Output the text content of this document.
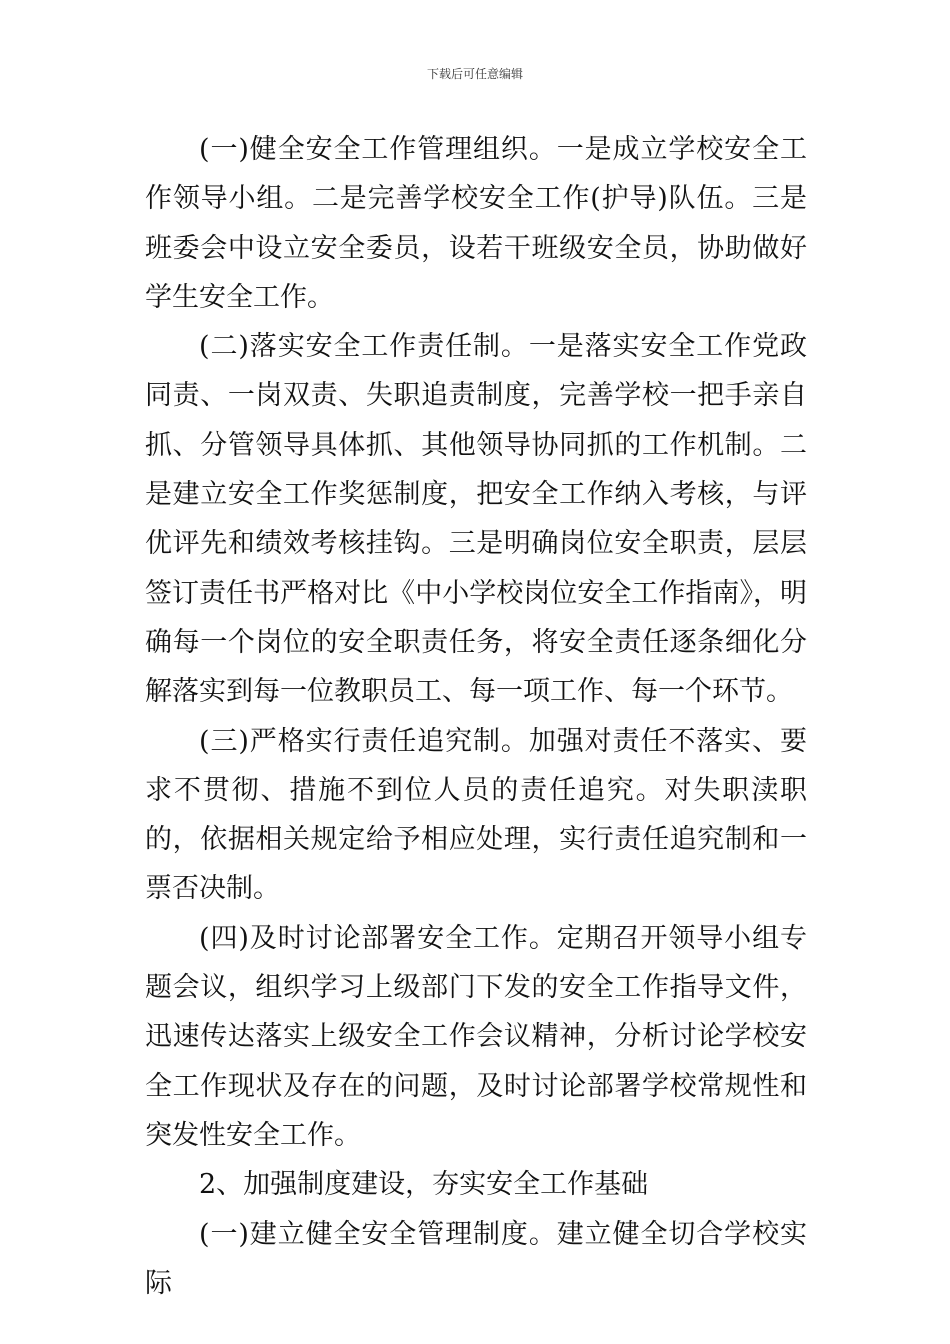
下载后可任意编辑

(一)健全安全工作管理组织。一是成立学校安全工作领导小组。二是完善学校安全工作(护导)队伍。三是班委会中设立安全委员，设若干班级安全员，协助做好学生安全工作。

(二)落实安全工作责任制。一是落实安全工作党政同责、一岗双责、失职追责制度，完善学校一把手亲自抓、分管领导具体抓、其他领导协同抓的工作机制。二是建立安全工作奖惩制度，把安全工作纳入考核，与评优评先和绩效考核挂钩。三是明确岗位安全职责，层层签订责任书严格对比《中小学校岗位安全工作指南》，明确每一个岗位的安全职责任务，将安全责任逐条细化分解落实到每一位教职员工、每一项工作、每一个环节。

(三)严格实行责任追究制。加强对责任不落实、要求不贯彻、措施不到位人员的责任追究。对失职渎职的，依据相关规定给予相应处理，实行责任追究制和一票否决制。

(四)及时讨论部署安全工作。定期召开领导小组专题会议，组织学习上级部门下发的安全工作指导文件，迅速传达落实上级安全工作会议精神，分析讨论学校安全工作现状及存在的问题，及时讨论部署学校常规性和突发性安全工作。

2、加强制度建设，夯实安全工作基础

(一)建立健全安全管理制度。建立健全切合学校实际
